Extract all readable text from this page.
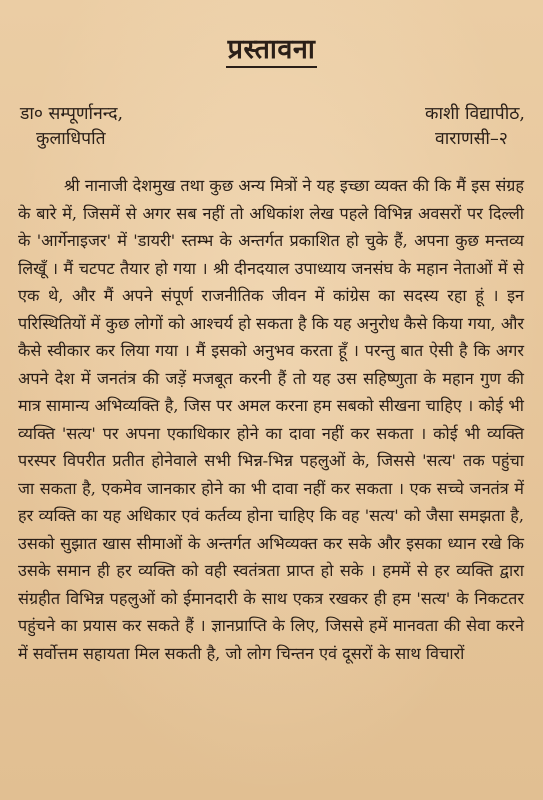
प्रस्तावना
डा० सम्पूर्णानन्द,
कुलाधिपति
काशी विद्यापीठ,
वाराणसी–२

श्री नानाजी देशमुख तथा कुछ अन्य मित्रों ने यह इच्छा व्यक्त की कि मैं इस संग्रह के बारे में, जिसमें से अगर सब नहीं तो अधिकांश लेख पहले विभिन्न अवसरों पर दिल्ली के 'आर्गेनाइजर' में 'डायरी' स्तम्भ के अन्तर्गत प्रकाशित हो चुके हैं, अपना कुछ मन्तव्य लिखूँ । मैं चटपट तैयार हो गया । श्री दीनदयाल उपाध्याय जनसंघ के महान नेताओं में से एक थे, और मैं अपने संपूर्ण राजनीतिक जीवन में कांग्रेस का सदस्य रहा हूं । इन परिस्थितियों में कुछ लोगों को आश्चर्य हो सकता है कि यह अनुरोध कैसे किया गया, और कैसे स्वीकार कर लिया गया । मैं इसको अनुभव करता हूँ । परन्तु बात ऐसी है कि अगर अपने देश में जनतंत्र की जड़ें मजबूत करनी हैं तो यह उस सहिष्णुता के महान गुण की मात्र सामान्य अभिव्यक्ति है, जिस पर अमल करना हम सबको सीखना चाहिए । कोई भी व्यक्ति 'सत्य' पर अपना एकाधिकार होने का दावा नहीं कर सकता । कोई भी व्यक्ति परस्पर विपरीत प्रतीत होनेवाले सभी भिन्न-भिन्न पहलुओं के, जिससे 'सत्य' तक पहुंचा जा सकता है, एकमेव जानकार होने का भी दावा नहीं कर सकता । एक सच्चे जनतंत्र में हर व्यक्ति का यह अधिकार एवं कर्तव्य होना चाहिए कि वह 'सत्य' को जैसा समझता है, उसको सुझात खास सीमाओं के अन्तर्गत अभिव्यक्त कर सके और इसका ध्यान रखे कि उसके समान ही हर व्यक्ति को वही स्वतंत्रता प्राप्त हो सके । हममें से हर व्यक्ति द्वारा संग्रहीत विभिन्न पहलुओं को ईमानदारी के साथ एकत्र रखकर ही हम 'सत्य' के निकटतर पहुंचने का प्रयास कर सकते हैं । ज्ञानप्राप्ति के लिए, जिससे हमें मानवता की सेवा करने में सर्वोत्तम सहायता मिल सकती है, जो लोग चिन्तन एवं दूसरों के साथ विचारों
